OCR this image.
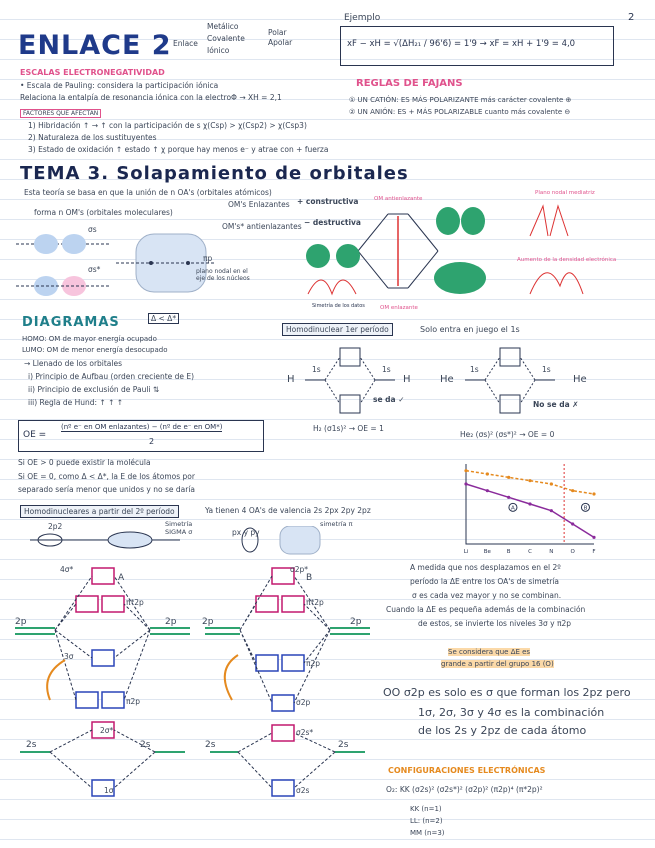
2
ENLACE 2 Enlace
Metálico
Covalente
Iónico
Polar
Apolar
Ejemplo
xF − xH = √(ΔH₂₁ / 96'6) = 1'9 → xF = xH + 1'9 = 4,0
ESCALAS ELECTRONEGATIVIDAD
• Escala de Pauling: considera la participación iónica
Relaciona la entalpía de resonancia iónica con la electroΦ → XH = 2,1
FACTORES QUE AFECTAN
1) Hibridación ↑ → ↑ con la participación de s χ(Csp) > χ(Csp2) > χ(Csp3)
2) Naturaleza de los sustituyentes
3) Estado de oxidación ↑ estado ↑ χ porque hay menos e⁻ y atrae con + fuerza
REGLAS DE FAJANS
① UN CATIÓN: ES MÁS POLARIZANTE más carácter covalente ⊕
② UN ANIÓN: ES + MÁS POLARIZABLE cuanto más covalente ⊖
TEMA 3. Solapamiento de orbitales
Esta teoría se basa en que la unión de n OA's (orbitales atómicos)
forma n OM's (orbitales moleculares)
OM's Enlazantes + constructiva
OM's* antienlazantes − destructiva
σs
σs*
πp
plano nodal en el eje de los núcleos
OM antienlazante
OM enlazante
Plano nodal mediatriz
Aumento de la densidad electrónica
Simetría de los datos
DIAGRAMAS	Δ < Δ*
HOMO: OM de mayor energía ocupado
LUMO: OM de menor energía desocupado
→ Llenado de los orbitales
i) Principio de Aufbau (orden creciente de E)
ii) Principio de exclusión de Pauli ⇅
iii) Regla de Hund: ↑ ↑ ↑
OE =
(nº e⁻ en OM enlazantes) − (nº de e⁻ en OM*)
2
Si OE > 0 puede existir la molécula
Si OE = 0, como Δ < Δ*, la E de los átomos por
separado sería menor que unidos y no se daría
Homodinuclear 1er período	Solo entra en juego el 1s
H	H
1s	1s
se da ✓
H₂ (σ1s)² → OE = 1
He	He
1s	1s
No se da ✗
He₂ (σs)² (σs*)² → OE = 0
Homodinucleares a partir del 2º período	Ya tienen 4 OA's de valencia 2s 2px 2py 2pz
2p2	Simetría SIGMA σ	px y py
simetría π
4σ*
A
π*2p
2p	2p
3σ
π2p
2σ*
2s	2s
1σ
σ2p*
B
π*2p
2p	2p
π2p
σ2p
σ2s*
2s	2s
σ2s
Li	Be	B	C	N	O	F
A	B
A medida que nos desplazamos en el 2º
período la ΔE entre los OA's de simetría
σ es cada vez mayor y no se combinan.
Cuando la ΔE es pequeña además de la combinación
de estos, se invierte los niveles 3σ y π2p
Se considera que ΔE es
grande a partir del grupo 16 (O)
OO σ2p es solo es σ que forman los 2pz pero
1σ, 2σ, 3σ y 4σ es la combinación
de los 2s y 2pz de cada átomo
CONFIGURACIONES ELECTRÓNICAS
O₂: KK (σ2s)² (σ2s*)² (σ2p)² (π2p)⁴ (π*2p)²
KK (n=1)
LL: (n=2)
MM (n=3)
